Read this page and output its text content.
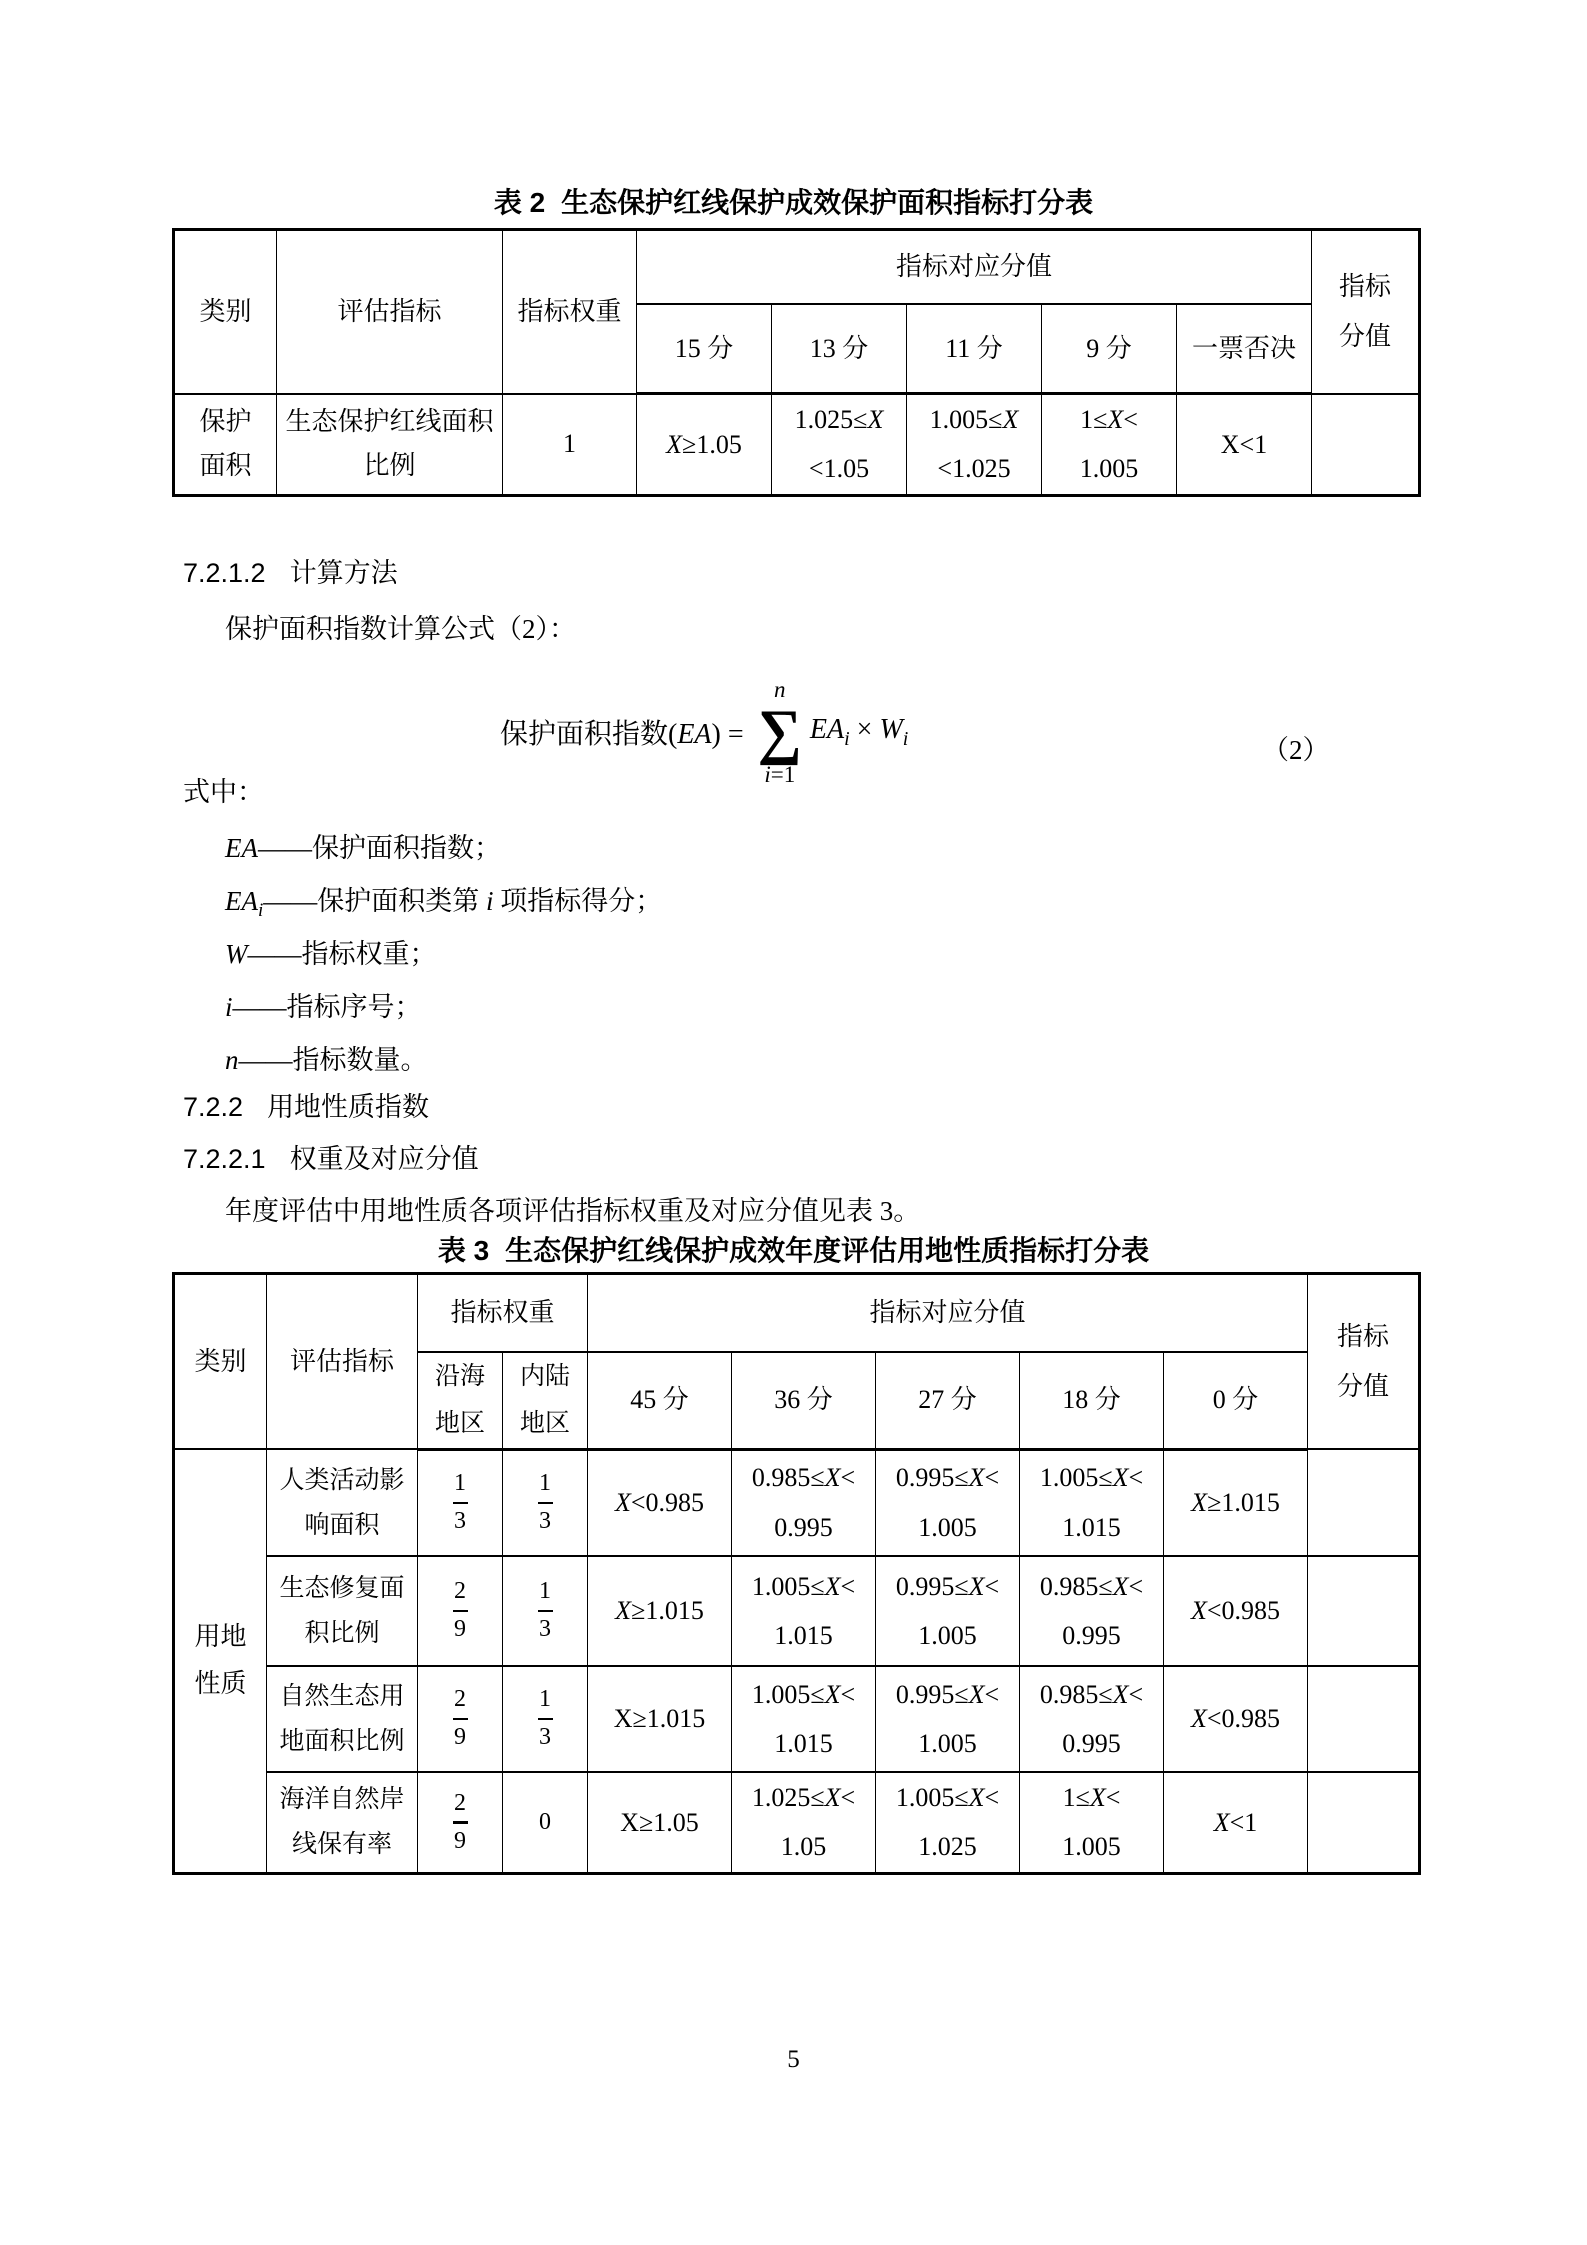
表 2 生态保护红线保护成效保护面积指标打分表
类别	评估指标	指标权重	指标对应分值					指标
分值

			15 分	13 分	11 分	9 分	一票否决	

保护
面积	生态保护红线面积
比例	1	X≥1.05	1.025≤X
<1.05	1.005≤X
<1.025	1≤X<
1.005	X<1	

7.2.1.2 计算方法
保护面积指数计算公式（2）：
保护面积指数(EA) =
n
∑
i=1
$EA_i \times W_i$	（2）
式中：
EA——保护面积指数；
$EA_i——$保护面积类第 i 项指标得分；
W——指标权重；
i——指标序号；
n——指标数量。
7.2.2 用地性质指数
7.2.2.1 权重及对应分值
年度评估中用地性质各项评估指标权重及对应分值见表 3。
表 3 生态保护红线保护成效年度评估用地性质指标打分表
类别	评估指标	指标权重		指标对应分值					指标
分值

		沿海
地区	内陆
地区	45 分	36 分	27 分	18 分	0 分	

用地
性质	人类活动影
响面积	$\frac{1}{3}$	$\frac{1}{3}$	X<0.985	0.985≤X<
0.995	0.995≤X<
1.005	1.005≤X<
1.015	X≥1.015	

	生态修复面
积比例	$\frac{2}{9}$	$\frac{1}{3}$	X≥1.015	1.005≤X<
1.015	0.995≤X<
1.005	0.985≤X<
0.995	X<0.985	

	自然生态用
地面积比例	$\frac{2}{9}$	$\frac{1}{3}$	X≥1.015	1.005≤X<
1.015	0.995≤X<
1.005	0.985≤X<
0.995	X<0.985	

	海洋自然岸
线保有率	$\frac{2}{9}$	0	X≥1.05	1.025≤X<
1.05	1.005≤X<
1.025	1≤X<
1.005	X<1	

5
